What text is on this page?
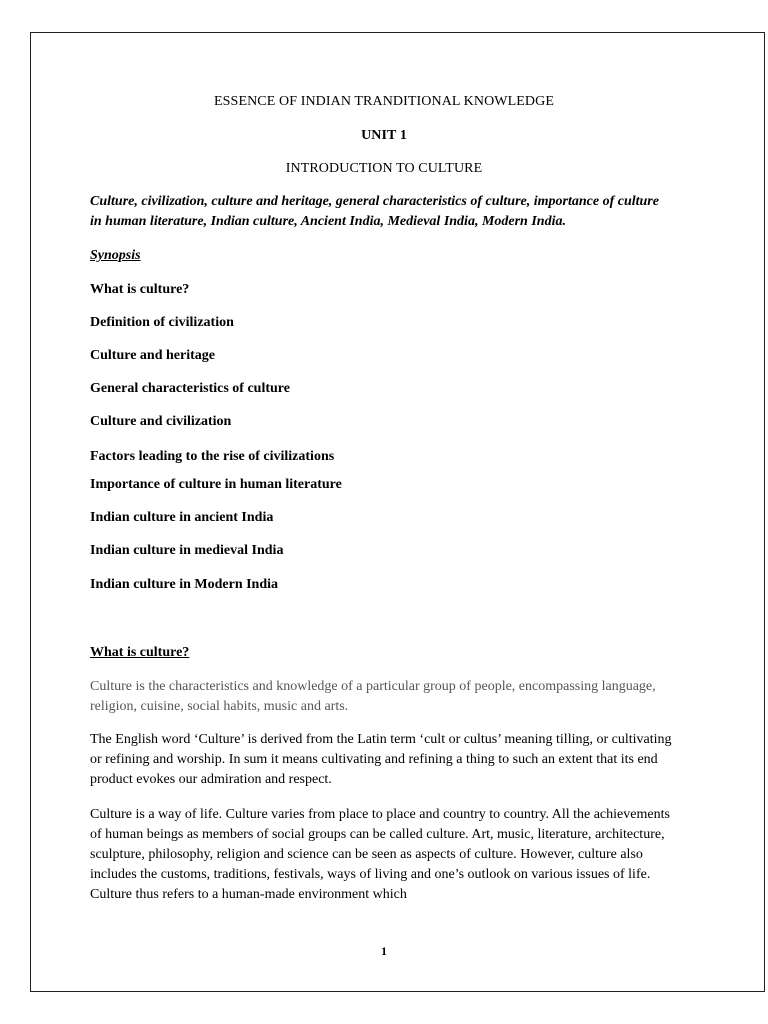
ESSENCE OF INDIAN TRANDITIONAL KNOWLEDGE
UNIT 1
INTRODUCTION TO CULTURE
Culture, civilization, culture and heritage, general characteristics of culture, importance of culture in human literature, Indian culture, Ancient India, Medieval India, Modern India.
Synopsis
What is culture?
Definition of civilization
Culture and heritage
General characteristics of culture
Culture and civilization
Factors leading to the rise of civilizations
Importance of culture in human literature
Indian culture in ancient India
Indian culture in medieval India
Indian culture in Modern India
What is culture?
Culture is the characteristics and knowledge of a particular group of people, encompassing language, religion, cuisine, social habits, music and arts.
The English word ‘Culture’ is derived from the Latin term ‘cult or cultus’ meaning tilling, or cultivating or refining and worship. In sum it means cultivating and refining a thing to such an extent that its end product evokes our admiration and respect.
Culture is a way of life. Culture varies from place to place and country to country. All the achievements of human beings as members of social groups can be called culture. Art, music, literature, architecture, sculpture, philosophy, religion and science can be seen as aspects of culture. However, culture also includes the customs, traditions, festivals, ways of living and one’s outlook on various issues of life. Culture thus refers to a human-made environment which
1
